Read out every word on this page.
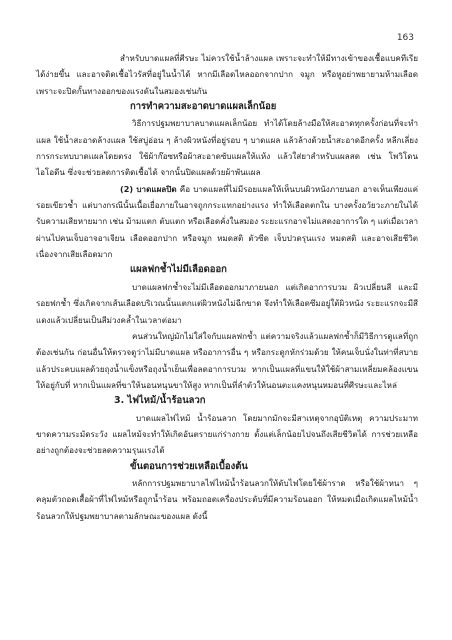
163

สำหรับบาดแผลที่ศีรษะ ไม่ควรใช้น้ำล้างแผล เพราะจะทำให้มีทางเข้าของเชื้อแบคทีเรียได้ง่ายขึ้น และอาจติดเชื้อไวรัสที่อยู่ในน้ำได้ หากมีเลือดไหลออกจากปาก จมูก หรือหูอย่าพยายามห้ามเลือด เพราะจะปิดกั้นทางออกของแรงดันในสมองเช่นกัน

การทำความสะอาดบาดแผลเล็กน้อย

วิธีการปฐมพยาบาลบาดแผลเล็กน้อย ทำได้โดยล้างมือให้สะอาดทุกครั้งก่อนที่จะทำแผล ใช้น้ำสะอาดล้างแผล ใช้สบู่อ่อน ๆ ล้างผิวหนังที่อยู่รอบ ๆ บาดแผล แล้วล้างด้วยน้ำสะอาดอีกครั้ง หลีกเลี่ยงการกระทบบาดแผลโดยตรง ใช้ผ้าก๊อซหรือผ้าสะอาดซับแผลให้แห้ง แล้วใส่ยาสำหรับแผลสด เช่น โพวิโดนไอโอดีน ซึ่งจะช่วยลดการติดเชื้อได้ จากนั้นปิดแผลด้วยผ้าพันแผล

(2) บาดแผลปิด คือ บาดแผลที่ไม่มีรอยแผลให้เห็นบนผิวหนังภายนอก อาจเห็นเพียงแค่รอยเขียวช้ำ แต่บางกรณีนั้นเนื้อเยื่อภายในอาจถูกกระแทกอย่างแรง ทำให้เลือดตกใน บางครั้งอวัยวะภายในได้รับความเสียหายมาก เช่น ม้ามแตก ตับแตก หรือเลือดคั่งในสมอง ระยะแรกอาจไม่แสดงอาการใด ๆ แต่เมื่อเวลาผ่านไปคนเจ็บอาจอาเจียน เลือดออกปาก หรือจมูก หมดสติ ตัวซีด เจ็บปวดรุนแรง หมดสติ และอาจเสียชีวิตเนื่องจากเสียเลือดมาก

แผลฟกช้ำไม่มีเลือดออก

บาดแผลฟกช้ำจะไม่มีเลือดออกมาภายนอก แต่เกิดอาการบวม ผิวเปลี่ยนสี และมีรอยฟกช้ำ ซึ่งเกิดจากเส้นเลือดบริเวณนั้นแตกแต่ผิวหนังไม่ฉีกขาด จึงทำให้เลือดซึมอยู่ใต้ผิวหนัง ระยะแรกจะมีสีแดงแล้วเปลี่ยนเป็นสีม่วงคล้ำในเวลาต่อมา

คนส่วนใหญ่มักไม่ใส่ใจกับแผลฟกช้ำ แต่ความจริงแล้วแผลฟกช้ำก็มีวิธีการดูแลที่ถูกต้องเช่นกัน ก่อนอื่นให้ตรวจดูว่าไม่มีบาดแผล หรืออาการอื่น ๆ หรือกระดูกหักร่วมด้วย ให้คนเจ็บนั่งในท่าที่สบาย แล้วประคบแผลด้วยถุงน้ำแข็งหรือถุงน้ำเย็นเพื่อลดอาการบวม หากเป็นแผลที่แขนให้ใช้ผ้าสามเหลี่ยมคล้องแขนให้อยู่กับที่ หากเป็นแผลที่ขาให้นอนหนุนขาให้สูง หากเป็นที่ลำตัวให้นอนตะแคงหนุนหมอนที่ศีรษะและไหล่

3. ไฟไหม้/น้ำร้อนลวก

บาดแผลไฟไหม้ น้ำร้อนลวก โดยมากมักจะมีสาเหตุจากอุบัติเหตุ ความประมาท ขาดความระมัดระวัง แผลไหม้จะทำให้เกิดอันตรายแก่ร่างกาย ตั้งแต่เล็กน้อยไปจนถึงเสียชีวิตได้ การช่วยเหลืออย่างถูกต้องจะช่วยลดความรุนแรงได้

ขั้นตอนการช่วยเหลือเบื้องต้น

หลักการปฐมพยาบาลไฟไหม้น้ำร้อนลวกให้ดับไฟโดยใช้ผ้าราด หรือใช้ผ้าหนา ๆ คลุมตัวถอดเสื้อผ้าที่ไฟไหม้หรือถูกน้ำร้อน พร้อมถอดเครื่องประดับที่มีความร้อนออก ให้หมดเมื่อเกิดแผลไหม้น้ำร้อนลวกให้ปฐมพยาบาลตามลักษณะของแผล ดังนี้
